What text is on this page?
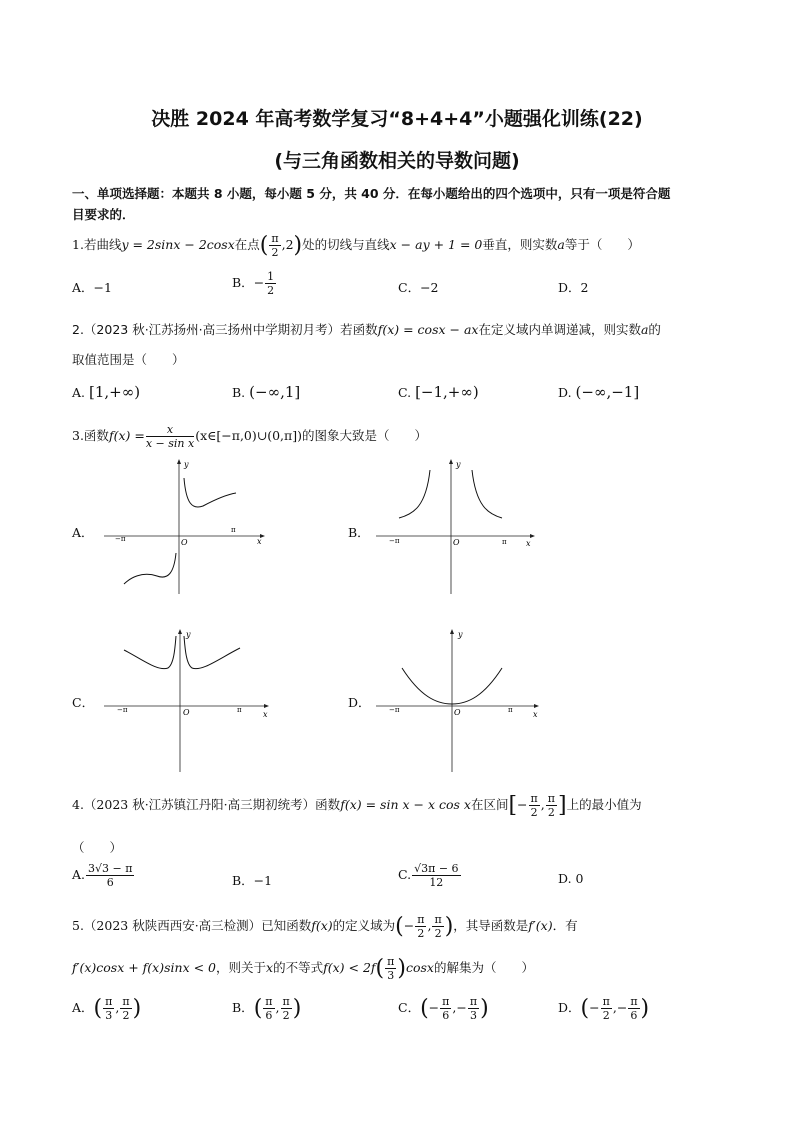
决胜 2024 年高考数学复习“8+4+4”小题强化训练(22)
(与三角函数相关的导数问题)
一、单项选择题：本题共 8 小题，每小题 5 分，共 40 分．在每小题给出的四个选项中，只有一项是符合题
目要求的．
1.若曲线y = 2sinx − 2cosx在点( $\frac{\pi}{2} ,2$)处的切线与直线x − ay + 1 = 0垂直，则实数a等于（　　）
A．−1	B．− $\frac{1}{2}$	C．−2	D．2
2.（2023 秋·江苏扬州·高三扬州中学期初月考）若函数f(x) = cosx − ax在定义域内单调递减，则实数a的
取值范围是（　　）
A. [1,+∞)	B. (−∞,1]	C. [−1,+∞)	D. (−∞,−1]
3.函数$f(x) = \frac{x}{\text{x − sin x}}$ (x∈[−π,0)∪(0,π])的图象大致是（　　）
A．
y
x
O
−π
π	B．
y
x
O
−π	π
C．
y
x
O
−π	π	D．
y
x
O
−π	π
4.（2023 秋·江苏镇江丹阳·高三期初统考）函数f(x) = sin x − x cos x在区间[− $\frac{\pi}{2}$ , $\frac{\pi}{2}$ ]上的最小值为
（　　）
A. $\frac{3√3 - \pi}{6}$	B．−1	C. $\frac{√3\pi - 6}{12}$	D. 0
5.（2023 秋陕西西安·高三检测）已知函数f(x)的定义域为(− $\frac{\pi}{2}$ , $\frac{\pi}{2}$ )，其导函数是f′(x)．有
f′(x)cosx + f(x)sinx < 0，则关于x的不等式$f(x) < 2f( \frac{\pi}{3} )\cos x$的解集为（　　）
A．( $\frac{\pi}{3}$ , $\frac{\pi}{2}$ )	B．( $\frac{\pi}{6}$ , $\frac{\pi}{2}$ )	C．(− $\frac{\pi}{6}$ ,− $\frac{\pi}{3}$ )	D．(− $\frac{\pi}{2}$ ,− $\frac{\pi}{6}$ )
